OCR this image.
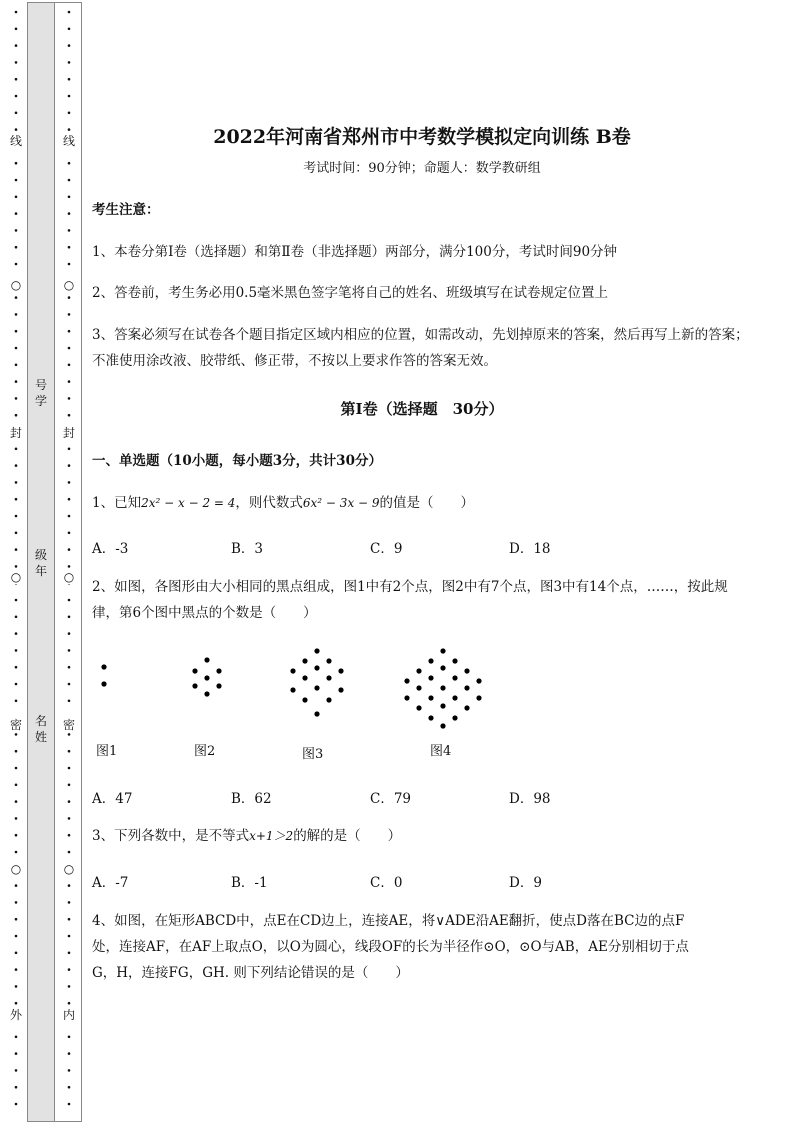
号
学
级
年
名
姓
线
○
封
○
密
○
外
线
○
封
○
密
○
内
2022年河南省郑州市中考数学模拟定向训练 B卷
考试时间：90分钟；命题人：数学教研组
考生注意：
1、本卷分第I卷（选择题）和第Ⅱ卷（非选择题）两部分，满分100分，考试时间90分钟
2、答卷前，考生务必用0.5毫米黑色签字笔将自己的姓名、班级填写在试卷规定位置上
3、答案必须写在试卷各个题目指定区域内相应的位置，如需改动，先划掉原来的答案，然后再写上新的答案；不准使用涂改液、胶带纸、修正带，不按以上要求作答的答案无效。
第I卷（选择题　30分）
一、单选题（10小题，每小题3分，共计30分）
1、已知2x² − x − 2 = 4，则代数式6x² − 3x − 9的值是（　　）
A．-3	B．3	C．9	D．18
2、如图，各图形由大小相同的黑点组成，图1中有2个点，图2中有7个点，图3中有14个点，……，按此规律，第6个图中黑点的个数是（　　）
图1	图2	图3	图4
A．47	B．62	C．79	D．98
3、下列各数中，是不等式x+1＞2的解的是（　　）
A．-7	B．-1	C．0	D．9
4、如图，在矩形ABCD中，点E在CD边上，连接AE，将∨ADE沿AE翻折，使点D落在BC边的点F
处，连接AF，在AF上取点O，以O为圆心，线段OF的长为半径作⊙O，⊙O与AB，AE分别相切于点
G，H，连接FG，GH. 则下列结论错误的是（　　）
